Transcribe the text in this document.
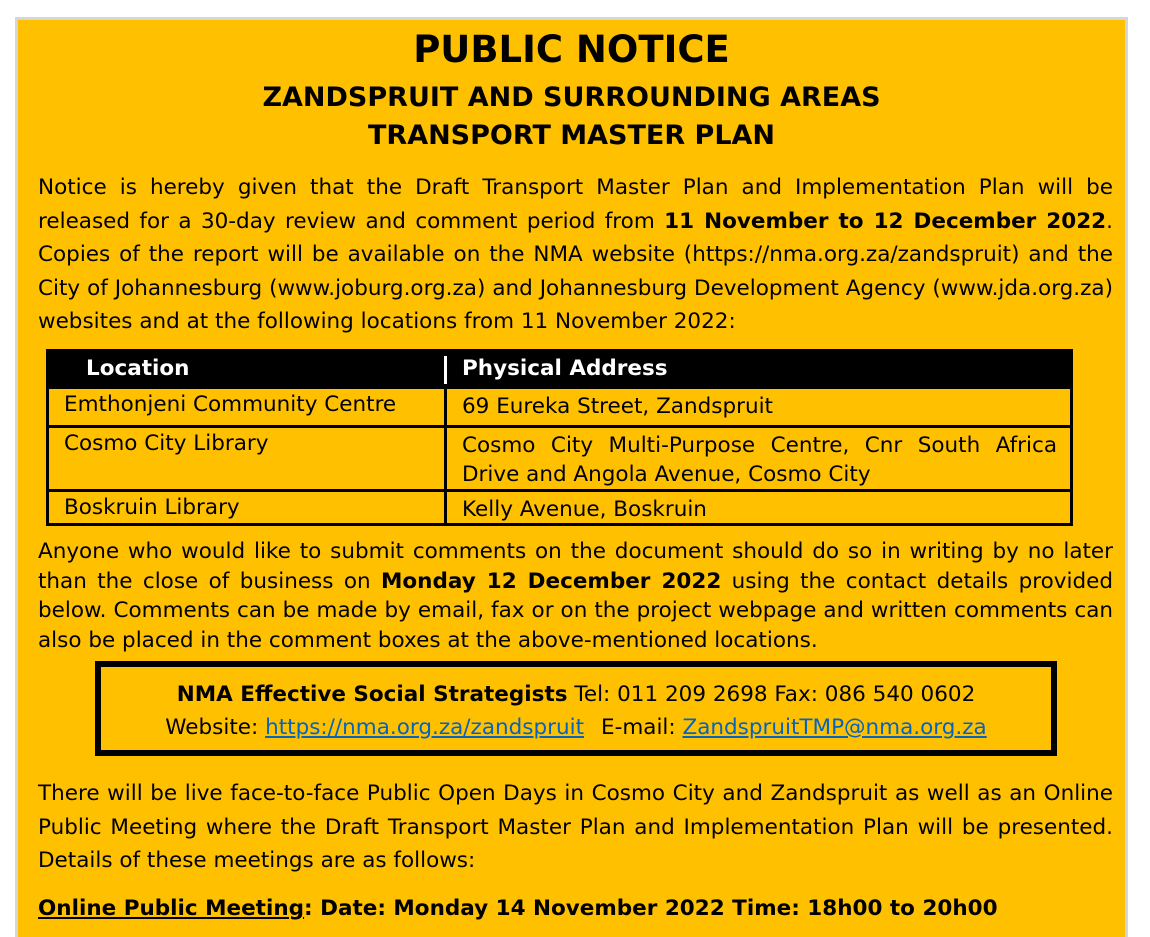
PUBLIC NOTICE
ZANDSPRUIT AND SURROUNDING AREAS
TRANSPORT MASTER PLAN
Notice is hereby given that the Draft Transport Master Plan and Implementation Plan will be released for a 30-day review and comment period from 11 November to 12 December 2022. Copies of the report will be available on the NMA website (https://nma.org.za/zandspruit) and the City of Johannesburg (www.joburg.org.za) and Johannesburg Development Agency (www.jda.org.za) websites and at the following locations from 11 November 2022:
Location	Physical Address
Emthonjeni Community Centre	69 Eureka Street, Zandspruit
Cosmo City Library	Cosmo City Multi-Purpose Centre, Cnr South Africa Drive and Angola Avenue, Cosmo City
Boskruin Library	Kelly Avenue, Boskruin
Anyone who would like to submit comments on the document should do so in writing by no later than the close of business on Monday 12 December 2022 using the contact details provided below. Comments can be made by email, fax or on the project webpage and written comments can also be placed in the comment boxes at the above-mentioned locations.
NMA Effective Social Strategists Tel: 011 209 2698 Fax: 086 540 0602
Website: https://nma.org.za/zandspruit E-mail: ZandspruitTMP@nma.org.za
There will be live face-to-face Public Open Days in Cosmo City and Zandspruit as well as an Online Public Meeting where the Draft Transport Master Plan and Implementation Plan will be presented. Details of these meetings are as follows:
Online Public Meeting: Date: Monday 14 November 2022 Time: 18h00 to 20h00
